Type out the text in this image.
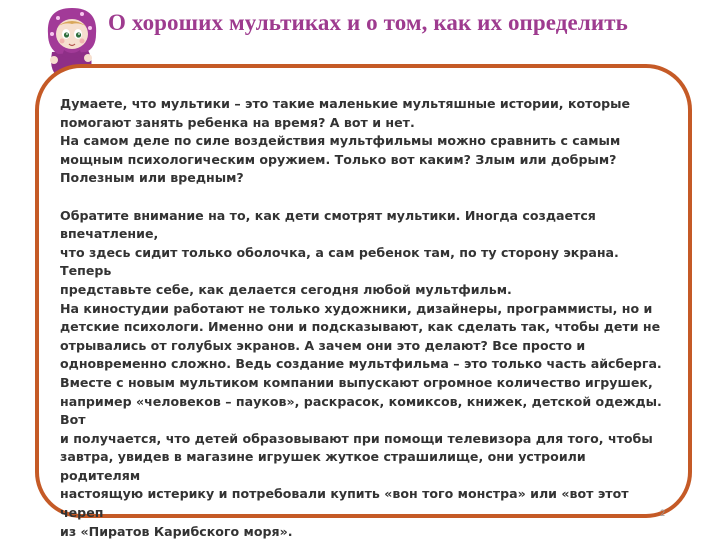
О хороших мультиках и о том, как их определить

Думаете, что мультики – это такие маленькие мультяшные истории, которые
помогают занять ребенка на время? А вот и нет.
На самом деле по силе воздействия мультфильмы можно сравнить с самым
мощным психологическим оружием. Только вот каким? Злым или добрым?
Полезным или вредным?

Обратите внимание на то, как дети смотрят мультики. Иногда создается впечатление,
что здесь сидит только оболочка, а сам ребенок там, по ту сторону экрана. Теперь
представьте себе, как делается сегодня любой мультфильм.
На киностудии работают не только художники, дизайнеры, программисты, но и
детские психологи. Именно они и подсказывают, как сделать так, чтобы дети не
отрывались от голубых экранов. А зачем они это делают? Все просто и
одновременно сложно. Ведь создание мультфильма – это только часть айсберга.
Вместе с новым мультиком компании выпускают огромное количество игрушек,
например «человеков – пауков», раскрасок, комиксов, книжек, детской одежды. Вот
и получается, что детей образовывают при помощи телевизора для того, чтобы
завтра, увидев в магазине игрушек жуткое страшилище, они устроили родителям
настоящую истерику и потребовали купить «вон того монстра» или «вот этот череп
из «Пиратов Карибского моря».

2
